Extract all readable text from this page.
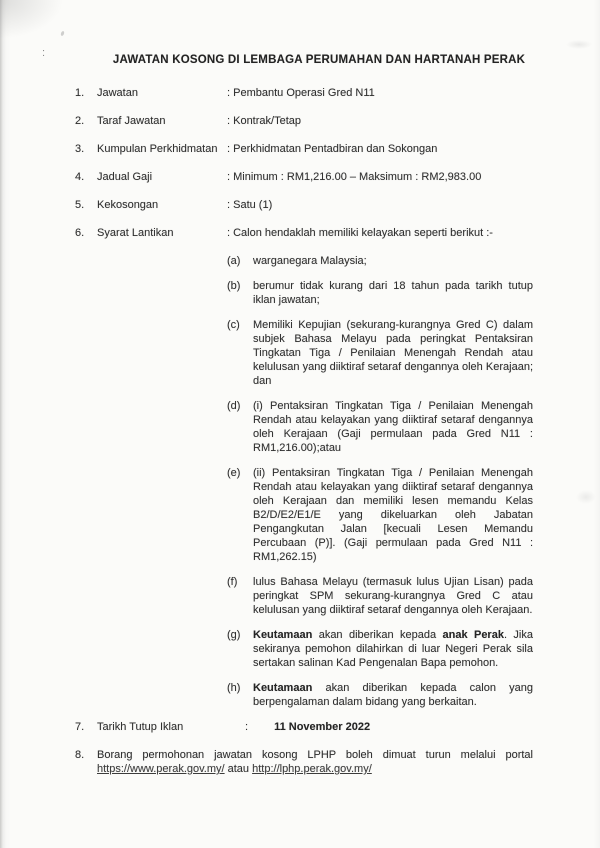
:
JAWATAN KOSONG DI LEMBAGA PERUMAHAN DAN HARTANAH PERAK
1.	Jawatan	: Pembantu Operasi Gred N11
2.	Taraf Jawatan	: Kontrak/Tetap
3.	Kumpulan Perkhidmatan : Perkhidmatan Pentadbiran dan Sokongan
4.	Jadual Gaji	: Minimum : RM1,216.00 – Maksimum : RM2,983.00
5.	Kekosongan	: Satu (1)
6.	Syarat Lantikan	: Calon hendaklah memiliki kelayakan seperti berikut :-
(a)	warganegara Malaysia;
(b)	berumur tidak kurang dari 18 tahun pada tarikh tutup iklan jawatan;
(c)	Memiliki Kepujian (sekurang-kurangnya Gred C) dalam subjek Bahasa Melayu pada peringkat Pentaksiran Tingkatan Tiga / Penilaian Menengah Rendah atau kelulusan yang diiktiraf setaraf dengannya oleh Kerajaan; dan
(d)	(i) Pentaksiran Tingkatan Tiga / Penilaian Menengah Rendah atau kelayakan yang diiktiraf setaraf dengannya oleh Kerajaan (Gaji permulaan pada Gred N11 : RM1,216.00);atau
(e)	(ii) Pentaksiran Tingkatan Tiga / Penilaian Menengah Rendah atau kelayakan yang diiktiraf setaraf dengannya oleh Kerajaan dan memiliki lesen memandu Kelas B2/D/E2/E1/E yang dikeluarkan oleh Jabatan Pengangkutan Jalan [kecuali Lesen Memandu Percubaan (P)]. (Gaji permulaan pada Gred N11 : RM1,262.15)
(f)	lulus Bahasa Melayu (termasuk lulus Ujian Lisan) pada peringkat SPM sekurang-kurangnya Gred C atau kelulusan yang diiktiraf setaraf dengannya oleh Kerajaan.
(g)	Keutamaan akan diberikan kepada anak Perak. Jika sekiranya pemohon dilahirkan di luar Negeri Perak sila sertakan salinan Kad Pengenalan Bapa pemohon.
(h)	Keutamaan akan diberikan kepada calon yang berpengalaman dalam bidang yang berkaitan.
7.	Tarikh Tutup Iklan	: 11 November 2022
8.	Borang permohonan jawatan kosong LPHP boleh dimuat turun melalui portal https://www.perak.gov.my/ atau http://lphp.perak.gov.my/
